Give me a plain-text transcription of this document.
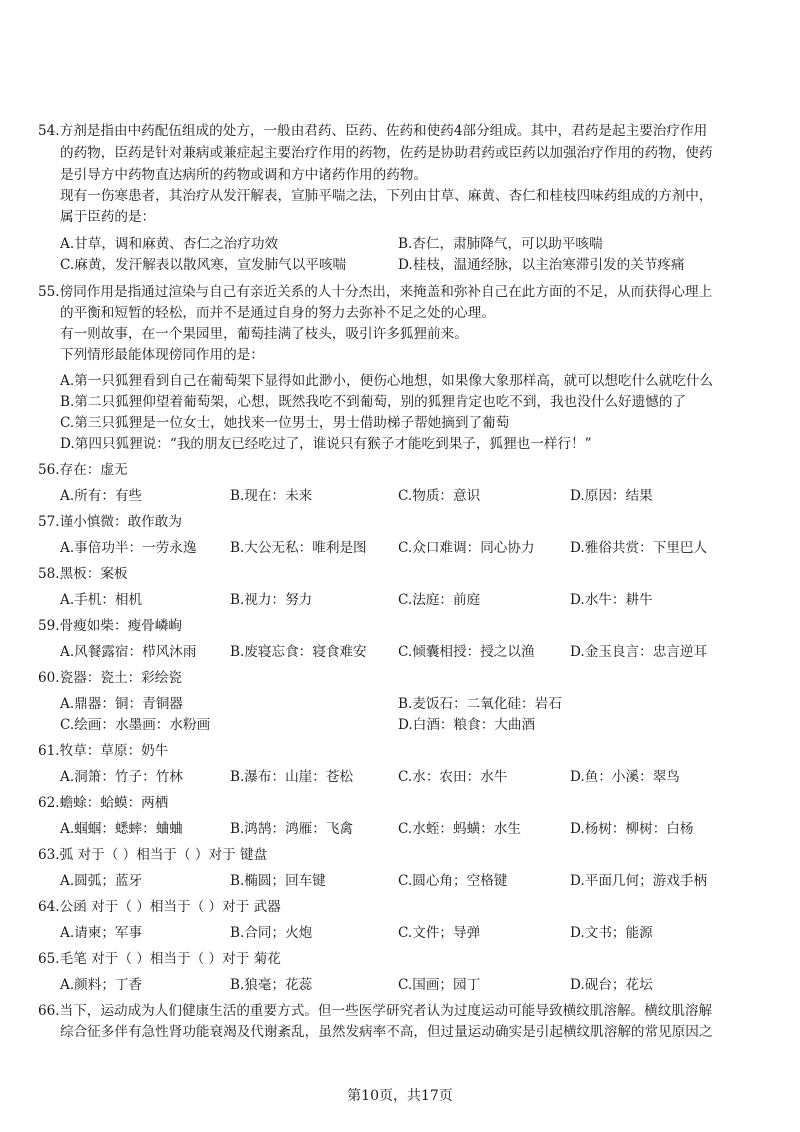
54.方剂是指由中药配伍组成的处方，一般由君药、臣药、佐药和使药4部分组成。其中，君药是起主要治疗作用
的药物，臣药是针对兼病或兼症起主要治疗作用的药物，佐药是协助君药或臣药以加强治疗作用的药物，使药
是引导方中药物直达病所的药物或调和方中诸药作用的药物。
现有一伤寒患者，其治疗从发汗解表，宣肺平喘之法，下列由甘草、麻黄、杏仁和桂枝四味药组成的方剂中，
属于臣药的是：
A.甘草，调和麻黄、杏仁之治疗功效	B.杏仁，肃肺降气，可以助平咳喘
C.麻黄，发汗解表以散风寒，宣发肺气以平咳喘	D.桂枝，温通经脉，以主治寒滞引发的关节疼痛
55.傍同作用是指通过渲染与自己有亲近关系的人十分杰出，来掩盖和弥补自己在此方面的不足，从而获得心理上
的平衡和短暂的轻松，而并不是通过自身的努力去弥补不足之处的心理。
有一则故事，在一个果园里，葡萄挂满了枝头，吸引许多狐狸前来。
下列情形最能体现傍同作用的是：
A.第一只狐狸看到自己在葡萄架下显得如此渺小，便伤心地想，如果像大象那样高，就可以想吃什么就吃什么
B.第二只狐狸仰望着葡萄架，心想，既然我吃不到葡萄，别的狐狸肯定也吃不到，我也没什么好遗憾的了
C.第三只狐狸是一位女士，她找来一位男士，男士借助梯子帮她摘到了葡萄
D.第四只狐狸说：“我的朋友已经吃过了，谁说只有猴子才能吃到果子，狐狸也一样行！”
56.存在：虚无
A.所有：有些	B.现在：未来	C.物质：意识	D.原因：结果
57.谨小慎微：敢作敢为
A.事倍功半：一劳永逸 B.大公无私：唯利是图 C.众口难调：同心协力	D.雅俗共赏：下里巴人
58.黑板：案板
A.手机：相机	B.视力：努力	C.法庭：前庭	D.水牛：耕牛
59.骨瘦如柴：瘦骨嶙峋
A.风餐露宿：栉风沐雨 B.废寝忘食：寝食难安 C.倾囊相授：授之以渔	D.金玉良言：忠言逆耳
60.瓷器：瓷土：彩绘瓷
A.鼎器：铜：青铜器	B.麦饭石：二氧化硅：岩石
C.绘画：水墨画：水粉画	D.白酒：粮食：大曲酒
61.牧草：草原：奶牛
A.洞箫：竹子：竹林	B.瀑布：山崖：苍松	C.水：农田：水牛	D.鱼：小溪：翠鸟
62.蟾蜍：蛤蟆：两栖
A.蝈蝈：蟋蟀：蛐蛐	B.鸿鹄：鸿雁：飞禽	C.水蛭：蚂蟥：水生	D.杨树：柳树：白杨
63.弧 对于（ ）相当于（ ）对于 键盘
A.圆弧；蓝牙	B.椭圆；回车键	C.圆心角；空格键	D.平面几何；游戏手柄
64.公函 对于（ ）相当于（ ）对于 武器
A.请柬；军事	B.合同；火炮	C.文件；导弹	D.文书；能源
65.毛笔 对于（ ）相当于（ ）对于 菊花
A.颜料；丁香	B.狼毫；花蕊	C.国画；园丁	D.砚台；花坛
66.当下，运动成为人们健康生活的重要方式。但一些医学研究者认为过度运动可能导致横纹肌溶解。横纹肌溶解
综合征多伴有急性肾功能衰竭及代谢紊乱，虽然发病率不高，但过量运动确实是引起横纹肌溶解的常见原因之
第10页，共17页
